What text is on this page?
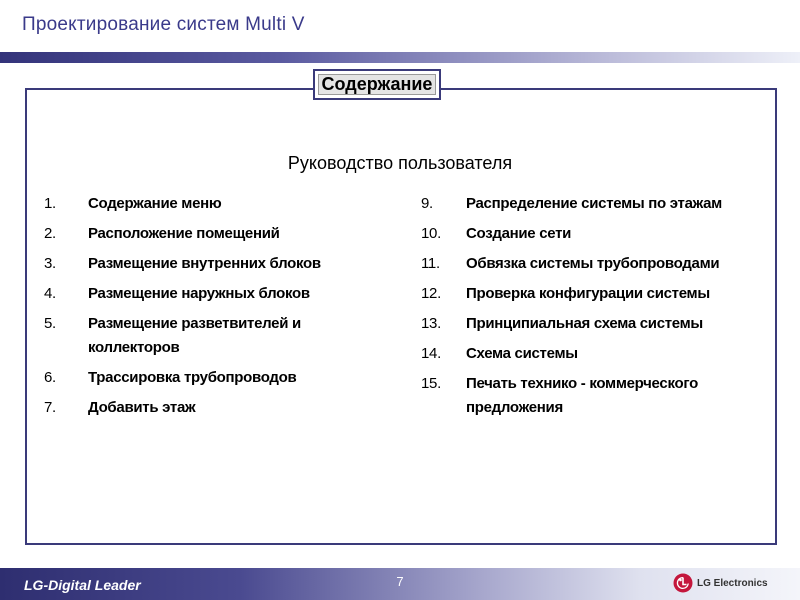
Проектирование систем Multi V
Содержание
Руководство пользователя
1.	Содержание меню
2.	Расположение помещений
3.	Размещение внутренних блоков
4.	Размещение наружных блоков
5.	Размещение разветвителей и коллекторов
6.	Трассировка трубопроводов
7.	Добавить этаж
9.	Распределение системы по этажам
10.	Создание сети
11.	Обвязка системы трубопроводами
12.	Проверка конфигурации системы
13.	Принципиальная схема системы
14.	Схема системы
15.	Печать технико - коммерческого предложения
LG-Digital Leader	7	LG Electronics
